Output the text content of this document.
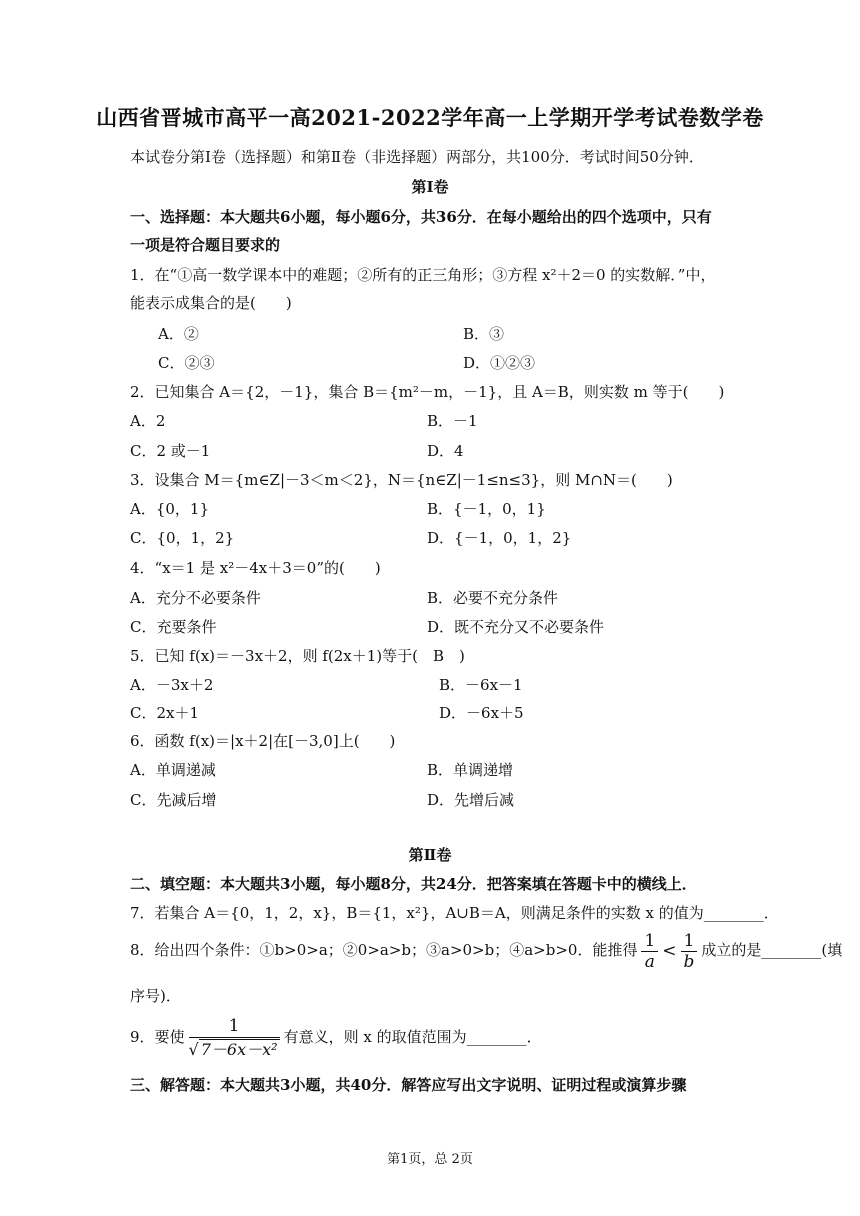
山西省晋城市高平一高2021-2022学年高一上学期开学考试卷数学卷
本试卷分第Ⅰ卷（选择题）和第Ⅱ卷（非选择题）两部分，共100分．考试时间50分钟．
第Ⅰ卷
一、选择题：本大题共6小题，每小题6分，共36分．在每小题给出的四个选项中，只有
一项是符合题目要求的
1．在“①高一数学课本中的难题；②所有的正三角形；③方程 x²＋2＝0 的实数解．”中，
能表示成集合的是(　　)
A．②	B．③
C．②③	D．①②③
2．已知集合 A＝{2，－1}，集合 B＝{m²－m，－1}，且 A＝B，则实数 m 等于(　　)
A．2	B．－1
C．2 或－1	D．4
3．设集合 M＝{m∈Z|－3＜m＜2}，N＝{n∈Z|－1≤n≤3}，则 M∩N＝(　　)
A．{0，1}	B．{－1，0，1}
C．{0，1，2}	D．{－1，0，1，2}
4．“x＝1 是 x²－4x＋3＝0”的(　　)
A．充分不必要条件	B．必要不充分条件
C．充要条件	D．既不充分又不必要条件
5．已知 f(x)＝－3x＋2，则 f(2x＋1)等于(　B　)
A．－3x＋2	B．－6x－1
C．2x＋1	D．－6x＋5
6．函数 f(x)＝|x＋2|在[－3,0]上(　　)
A．单调递减	B．单调递增
C．先减后增	D．先增后减
第Ⅱ卷
二、填空题：本大题共3小题，每小题8分，共24分．把答案填在答题卡中的横线上．
7．若集合 A＝{0，1，2，x}，B＝{1，x²}，A∪B＝A，则满足条件的实数 x 的值为________．
8．给出四个条件：①b>0>a；②0>a>b；③a>0>b；④a>b>0．能推得 $\frac{1}{a} < \frac{1}{b}$ 成立的是________(填
序号)．
9．要使 $\frac{1}{\text{√ 7－6x－x²}}$ 有意义，则 x 的取值范围为________．
三、解答题：本大题共3小题，共40分．解答应写出文字说明、证明过程或演算步骤
第1页，总 2页
